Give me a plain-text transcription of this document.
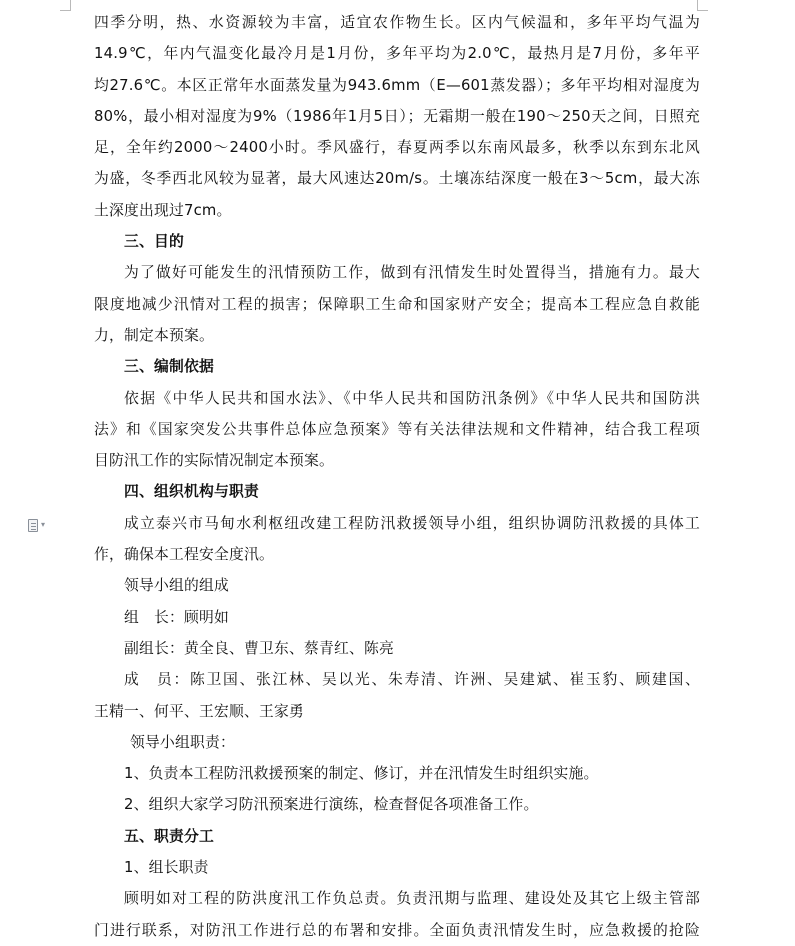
四季分明，热、水资源较为丰富，适宜农作物生长。区内气候温和，多年平均气温为
14.9℃，年内气温变化最冷月是1月份，多年平均为2.0℃，最热月是7月份，多年平
均27.6℃。本区正常年水面蒸发量为943.6mm（E—601蒸发器）；多年平均相对湿度为
80%，最小相对湿度为9%（1986年1月5日）；无霜期一般在190～250天之间，日照充
足，全年约2000～2400小时。季风盛行，春夏两季以东南风最多，秋季以东到东北风
为盛，冬季西北风较为显著，最大风速达20m/s。土壤冻结深度一般在3～5cm，最大冻
土深度出现过7cm。
三、目的
为了做好可能发生的汛情预防工作，做到有汛情发生时处置得当，措施有力。最大
限度地减少汛情对工程的损害；保障职工生命和国家财产安全；提高本工程应急自救能
力，制定本预案。
三、编制依据
依据《中华人民共和国水法》、《中华人民共和国防汛条例》《中华人民共和国防洪
法》和《国家突发公共事件总体应急预案》等有关法律法规和文件精神，结合我工程项
目防汛工作的实际情况制定本预案。
四、组织机构与职责
成立泰兴市马甸水利枢纽改建工程防汛救援领导小组，组织协调防汛救援的具体工
作，确保本工程安全度汛。
领导小组的组成
组　长：顾明如
副组长：黄全良、曹卫东、蔡青红、陈亮
成　员：陈卫国、张江林、吴以光、朱寿清、许洲、吴建斌、崔玉豹、顾建国、
王精一、何平、王宏顺、王家勇
领导小组职责：
1、负责本工程防汛救援预案的制定、修订，并在汛情发生时组织实施。
2、组织大家学习防汛预案进行演练，检查督促各项准备工作。
五、职责分工
1、组长职责
顾明如对工程的防洪度汛工作负总责。负责汛期与监理、建设处及其它上级主管部
门进行联系，对防汛工作进行总的布署和安排。全面负责汛情发生时，应急救援的抢险
▾
